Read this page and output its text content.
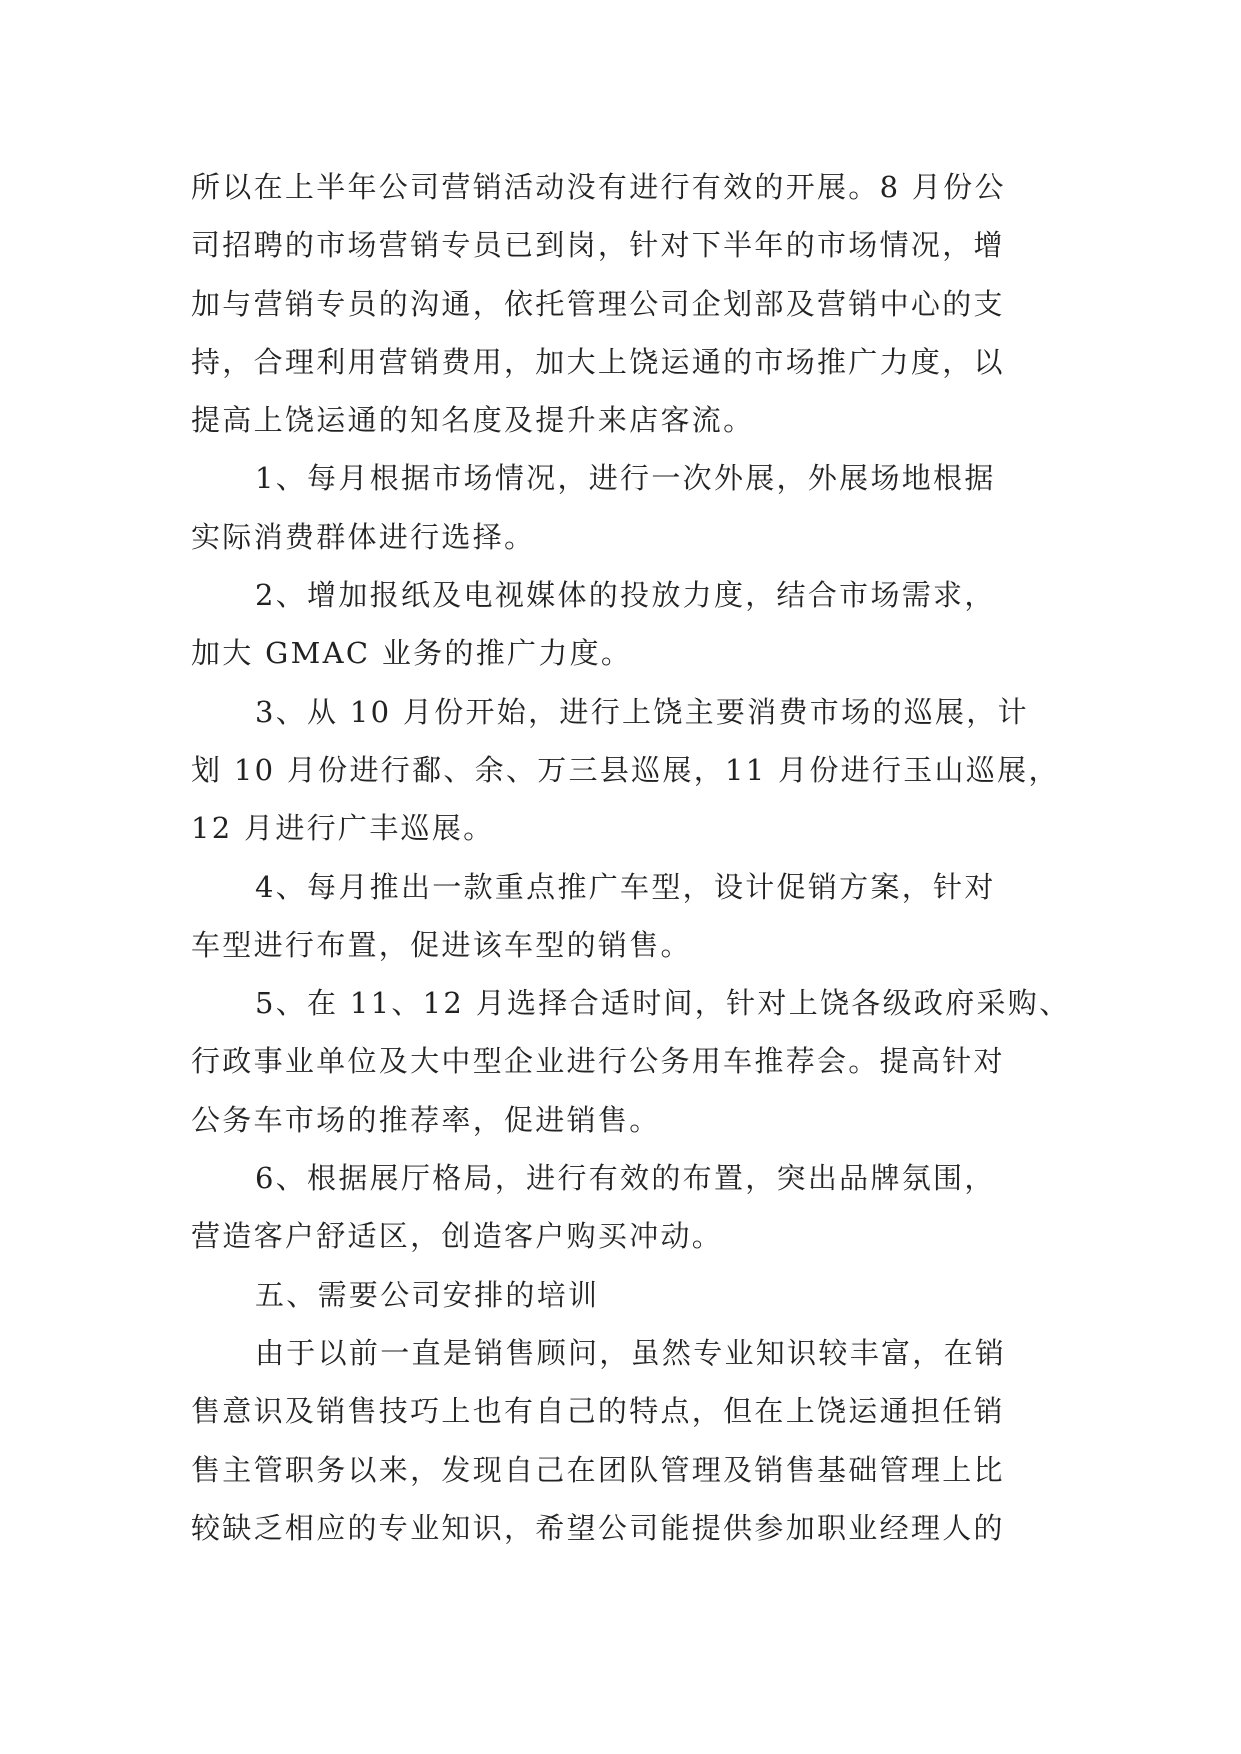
所以在上半年公司营销活动没有进行有效的开展。8 月份公
司招聘的市场营销专员已到岗，针对下半年的市场情况，增
加与营销专员的沟通，依托管理公司企划部及营销中心的支
持，合理利用营销费用，加大上饶运通的市场推广力度，以
提高上饶运通的知名度及提升来店客流。
1、每月根据市场情况，进行一次外展，外展场地根据
实际消费群体进行选择。
2、增加报纸及电视媒体的投放力度，结合市场需求，
加大 GMAC 业务的推广力度。
3、从 10 月份开始，进行上饶主要消费市场的巡展，计
划 10 月份进行鄱、余、万三县巡展，11 月份进行玉山巡展，
12 月进行广丰巡展。
4、每月推出一款重点推广车型，设计促销方案，针对
车型进行布置，促进该车型的销售。
5、在 11、12 月选择合适时间，针对上饶各级政府采购、
行政事业单位及大中型企业进行公务用车推荐会。提高针对
公务车市场的推荐率，促进销售。
6、根据展厅格局，进行有效的布置，突出品牌氛围，
营造客户舒适区，创造客户购买冲动。
五、需要公司安排的培训
由于以前一直是销售顾问，虽然专业知识较丰富，在销
售意识及销售技巧上也有自己的特点，但在上饶运通担任销
售主管职务以来，发现自己在团队管理及销售基础管理上比
较缺乏相应的专业知识，希望公司能提供参加职业经理人的
